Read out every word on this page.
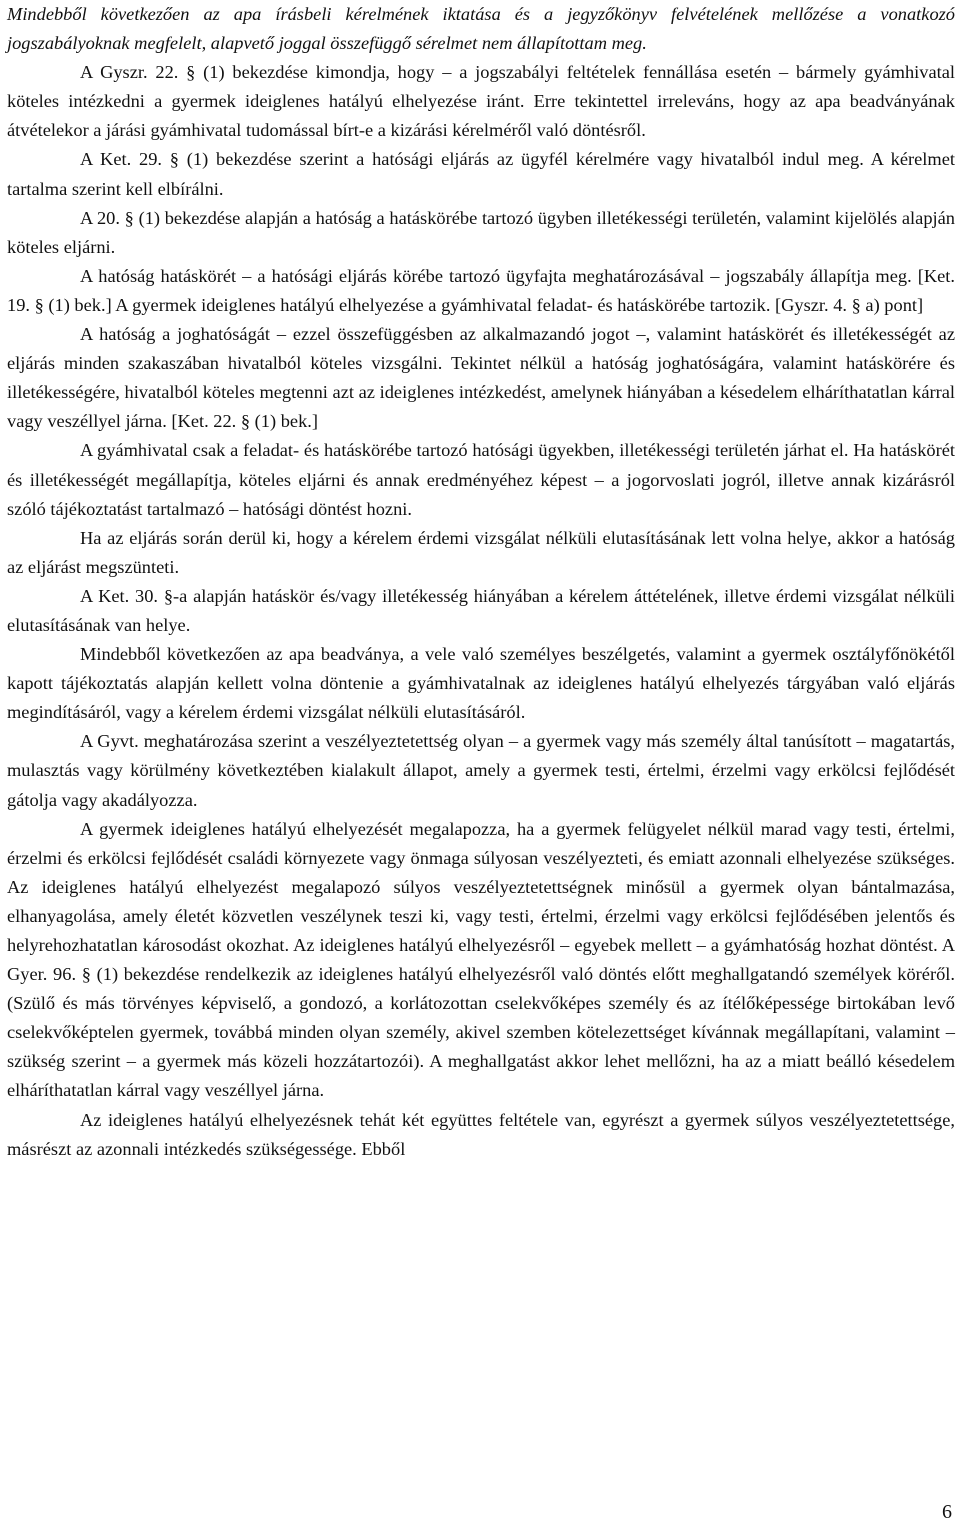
Mindebből következően az apa írásbeli kérelmének iktatása és a jegyzőkönyv felvételének mellőzése a vonatkozó jogszabályoknak megfelelt, alapvető joggal összefüggő sérelmet nem állapítottam meg.

A Gyszr. 22. § (1) bekezdése kimondja, hogy – a jogszabályi feltételek fennállása esetén – bármely gyámhivatal köteles intézkedni a gyermek ideiglenes hatályú elhelyezése iránt. Erre tekintettel irreleváns, hogy az apa beadványának átvételekor a járási gyámhivatal tudomással bírt-e a kizárási kérelméről való döntésről.

A Ket. 29. § (1) bekezdése szerint a hatósági eljárás az ügyfél kérelmére vagy hivatalból indul meg. A kérelmet tartalma szerint kell elbírálni.

A 20. § (1) bekezdése alapján a hatóság a hatáskörébe tartozó ügyben illetékességi területén, valamint kijelölés alapján köteles eljárni.

A hatóság hatáskörét – a hatósági eljárás körébe tartozó ügyfajta meghatározásával – jogszabály állapítja meg. [Ket. 19. § (1) bek.] A gyermek ideiglenes hatályú elhelyezése a gyámhivatal feladat- és hatáskörébe tartozik. [Gyszr. 4. § a) pont]

A hatóság a joghatóságát – ezzel összefüggésben az alkalmazandó jogot –, valamint hatáskörét és illetékességét az eljárás minden szakaszában hivatalból köteles vizsgálni. Tekintet nélkül a hatóság joghatóságára, valamint hatáskörére és illetékességére, hivatalból köteles megtenni azt az ideiglenes intézkedést, amelynek hiányában a késedelem elháríthatatlan kárral vagy veszéllyel járna. [Ket. 22. § (1) bek.]

A gyámhivatal csak a feladat- és hatáskörébe tartozó hatósági ügyekben, illetékességi területén járhat el. Ha hatáskörét és illetékességét megállapítja, köteles eljárni és annak eredményéhez képest – a jogorvoslati jogról, illetve annak kizárásról szóló tájékoztatást tartalmazó – hatósági döntést hozni.

Ha az eljárás során derül ki, hogy a kérelem érdemi vizsgálat nélküli elutasításának lett volna helye, akkor a hatóság az eljárást megszünteti.

A Ket. 30. §-a alapján hatáskör és/vagy illetékesség hiányában a kérelem áttételének, illetve érdemi vizsgálat nélküli elutasításának van helye.

Mindebből következően az apa beadványa, a vele való személyes beszélgetés, valamint a gyermek osztályfőnökétől kapott tájékoztatás alapján kellett volna döntenie a gyámhivatalnak az ideiglenes hatályú elhelyezés tárgyában való eljárás megindításáról, vagy a kérelem érdemi vizsgálat nélküli elutasításáról.

A Gyvt. meghatározása szerint a veszélyeztetettség olyan – a gyermek vagy más személy által tanúsított – magatartás, mulasztás vagy körülmény következtében kialakult állapot, amely a gyermek testi, értelmi, érzelmi vagy erkölcsi fejlődését gátolja vagy akadályozza.

A gyermek ideiglenes hatályú elhelyezését megalapozza, ha a gyermek felügyelet nélkül marad vagy testi, értelmi, érzelmi és erkölcsi fejlődését családi környezete vagy önmaga súlyosan veszélyezteti, és emiatt azonnali elhelyezése szükséges. Az ideiglenes hatályú elhelyezést megalapozó súlyos veszélyeztetettségnek minősül a gyermek olyan bántalmazása, elhanyagolása, amely életét közvetlen veszélynek teszi ki, vagy testi, értelmi, érzelmi vagy erkölcsi fejlődésében jelentős és helyrehozhatatlan károsodást okozhat. Az ideiglenes hatályú elhelyezésről – egyebek mellett – a gyámhatóság hozhat döntést. A Gyer. 96. § (1) bekezdése rendelkezik az ideiglenes hatályú elhelyezésről való döntés előtt meghallgatandó személyek köréről. (Szülő és más törvényes képviselő, a gondozó, a korlátozottan cselekvőképes személy és az ítélőképessége birtokában levő cselekvőképtelen gyermek, továbbá minden olyan személy, akivel szemben kötelezettséget kívánnak megállapítani, valamint – szükség szerint – a gyermek más közeli hozzátartozói). A meghallgatást akkor lehet mellőzni, ha az a miatt beálló késedelem elháríthatatlan kárral vagy veszéllyel járna.

Az ideiglenes hatályú elhelyezésnek tehát két együttes feltétele van, egyrészt a gyermek súlyos veszélyeztetettsége, másrészt az azonnali intézkedés szükségessége. Ebből

6
